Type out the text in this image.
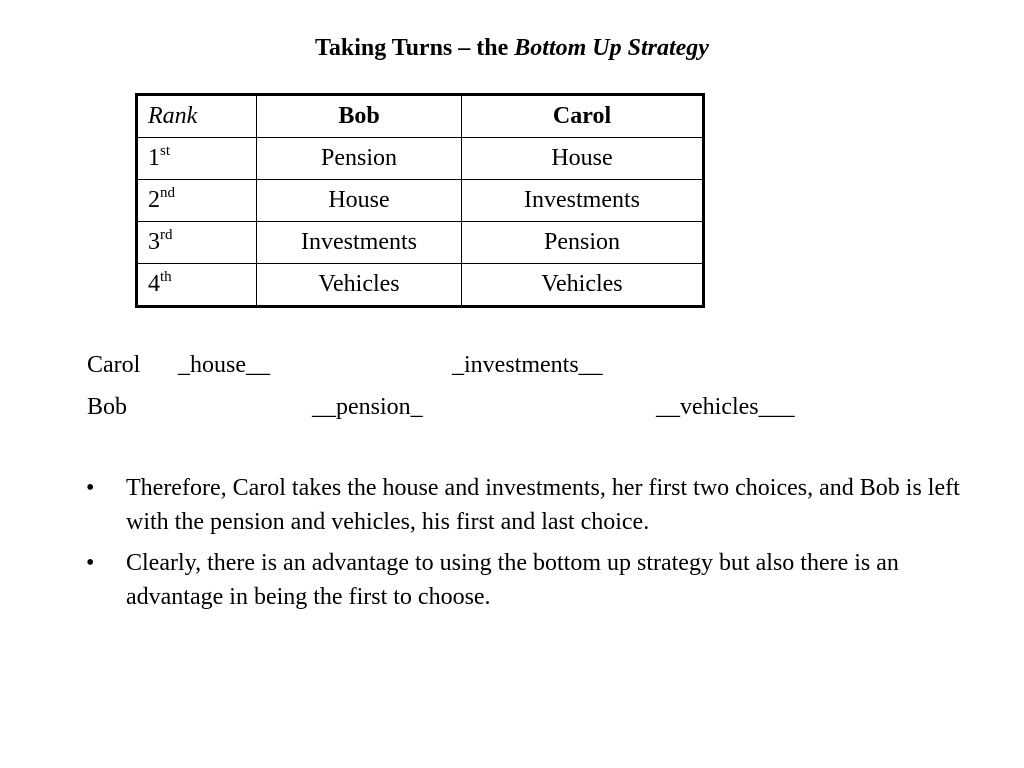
Taking Turns – the Bottom Up Strategy
Rank	Bob	Carol
1st	Pension	House
2nd	House	Investments
3rd	Investments	Pension
4th	Vehicles	Vehicles
Carol _house__	_investments__
Bob	__pension_	__vehicles___
• Therefore, Carol takes the house and investments, her first two choices, and Bob is left with the pension and vehicles, his first and last choice.
• Clearly, there is an advantage to using the bottom up strategy but also there is an advantage in being the first to choose.
